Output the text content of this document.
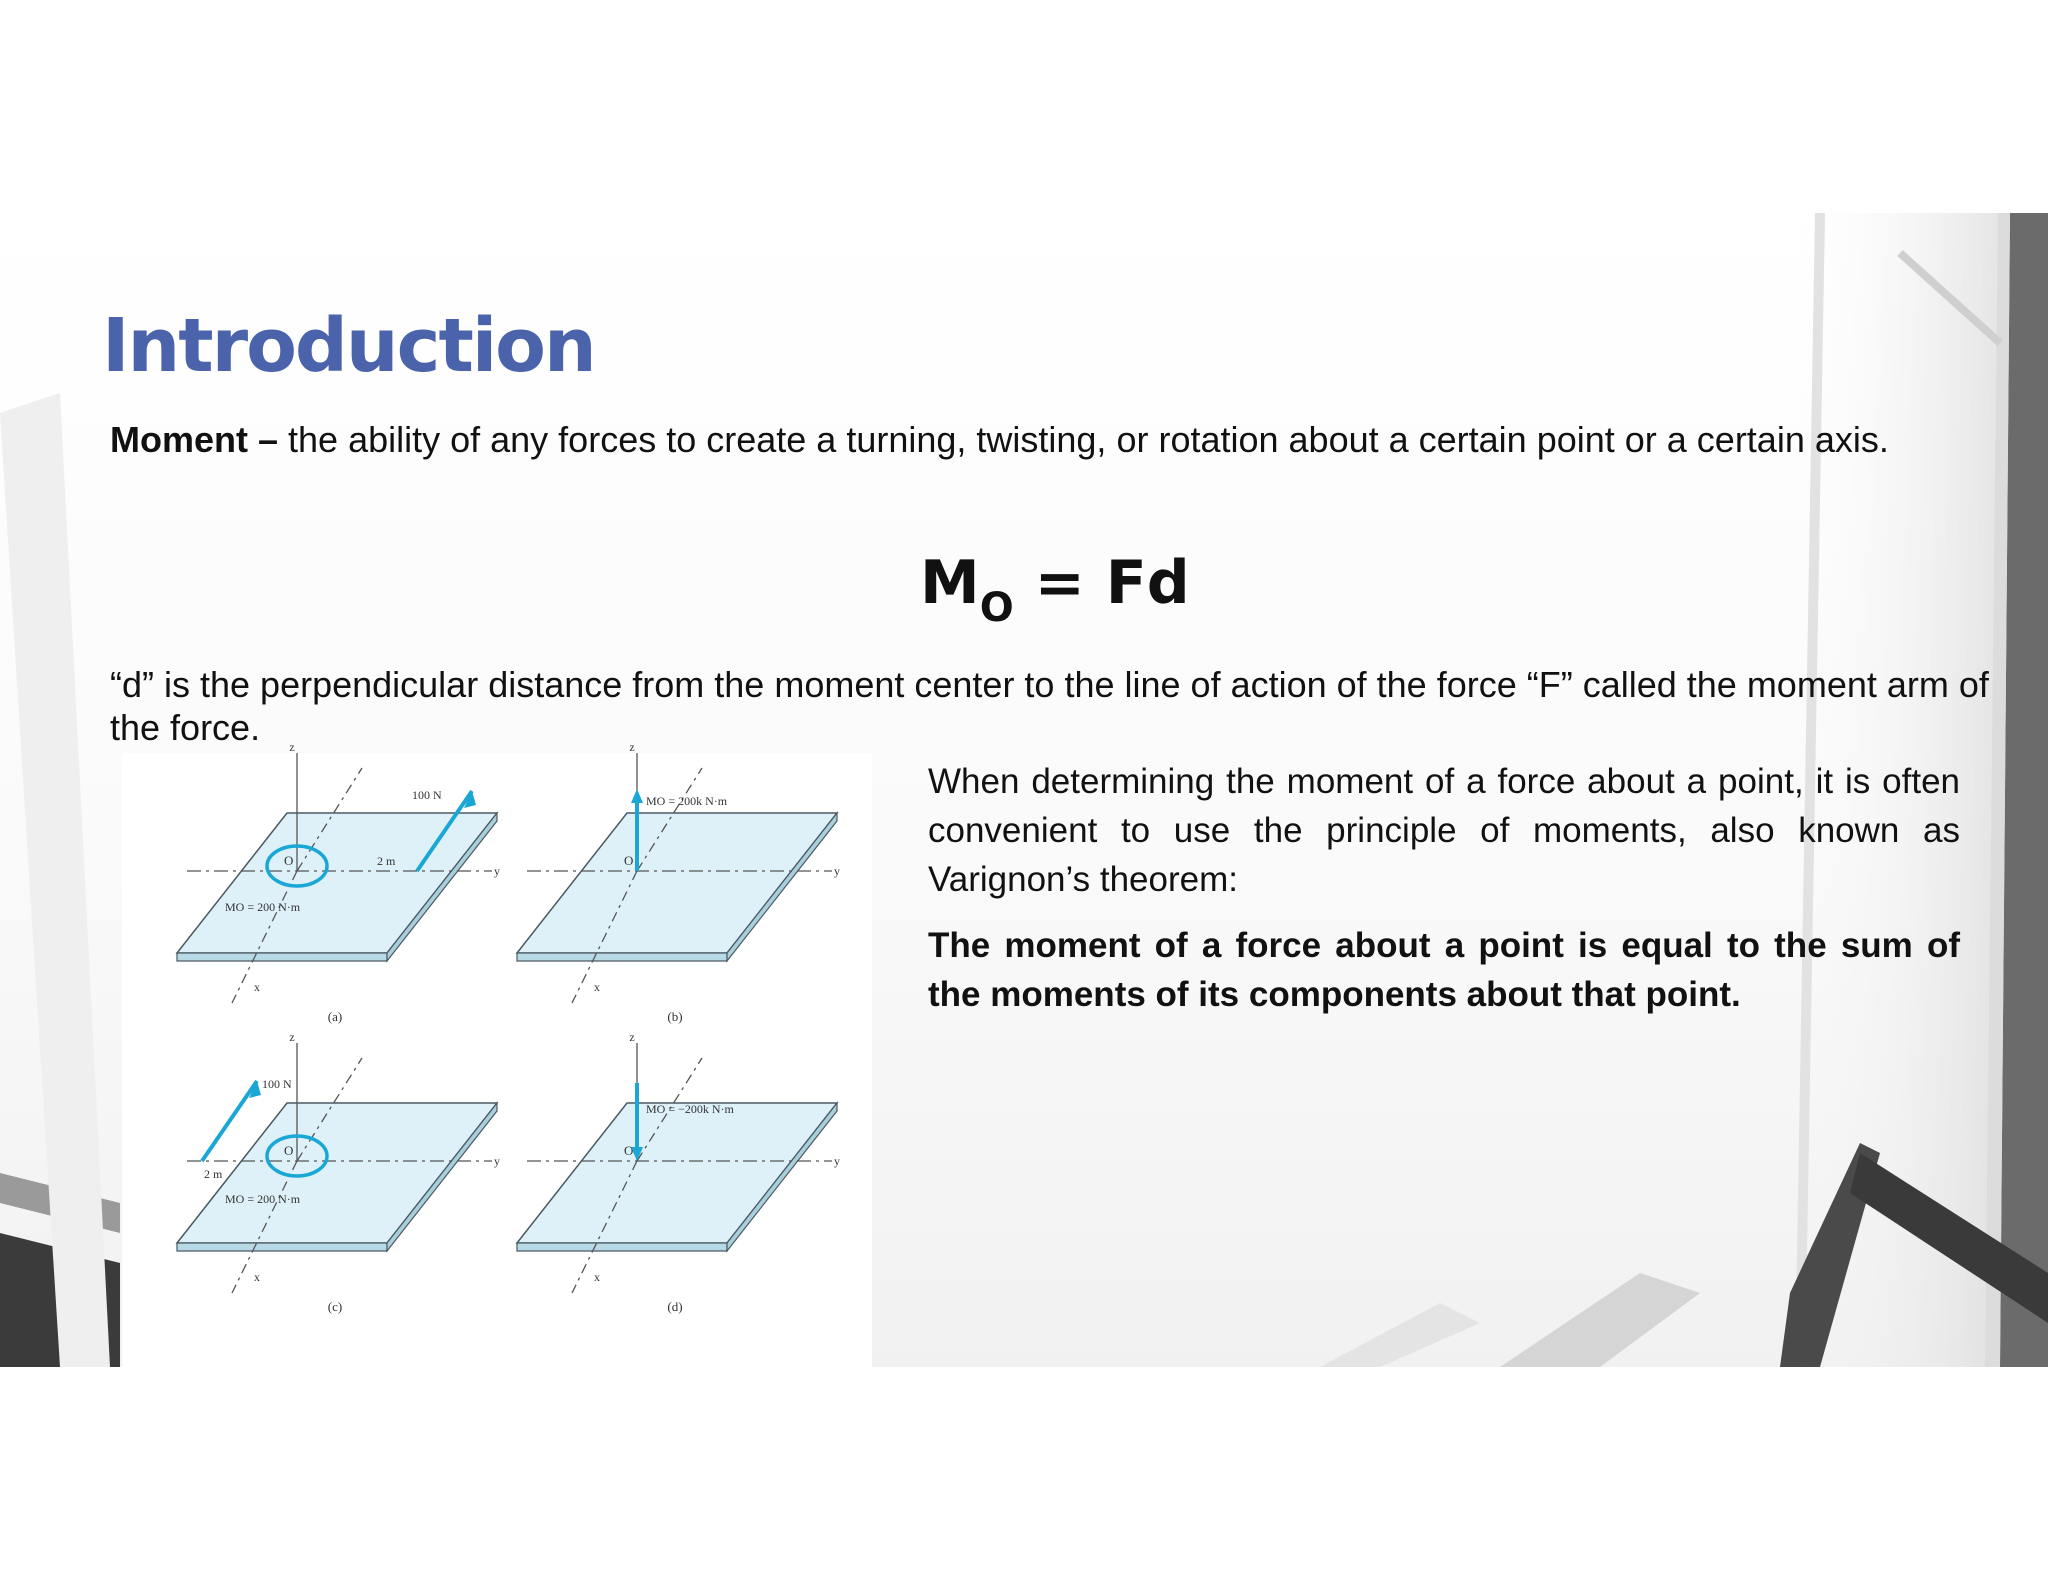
Introduction

Moment – the ability of any forces to create a turning, twisting, or rotation about a certain point or a certain axis.

$M_O = Fd$

“d” is the perpendicular distance from the moment center to the line of action of the force “F” called the moment arm of the force.

When determining the moment of a force about a point, it is often convenient to use the principle of moments, also known as Varignon’s theorem:

The moment of a force about a point is equal to the sum of the moments of its components about that point.

z
x
y
O
(a)
100 N
2 m
MO = 200 N·m
z
x
y
O
(b)
MO = 200k N·m
z
x
y
O
(c)
100 N
2 m
MO = 200 N·m
z
x
y
O
(d)
MO = −200k N·m
